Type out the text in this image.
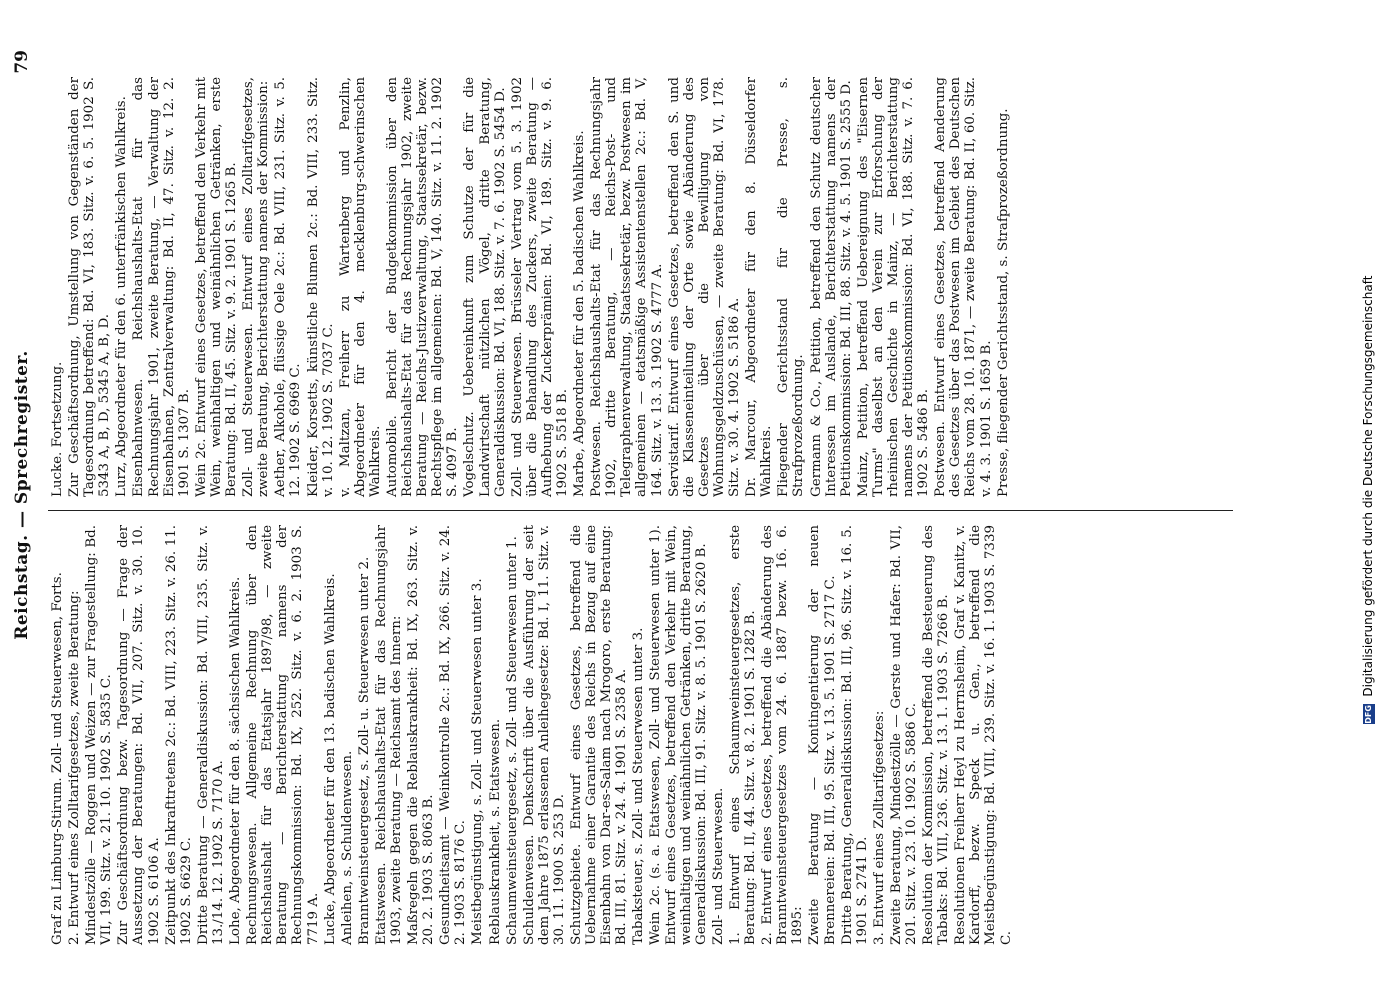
Reichstag. — Sprechregister.
79
Graf zu Limburg-Stirum. Zoll- und Steuerwesen, Forts. 2. Entwurf eines Zolltarifgesetzes, zweite Beratung: Mindestzölle — Roggen und Weizen — zur Fragestellung: Bd. VII, 199. Sitz. v. 21. 10. 1902 S. 5835 C. Zur Geschäftsordnung bezw. Tagesordnung — Frage der Aussetzung der Beratungen: Bd. VII, 207. Sitz. v. 30. 10. 1902 S. 6106 A. Zeitpunkt des Inkrafttretens 2c.: Bd. VIII, 223. Sitz. v. 26. 11. 1902 S. 6629 C. Dritte Beratung — Generaldiskussion: Bd. VIII, 235. Sitz. v. 13./14. 12. 1902 S. 7170 A. Lohe, Abgeordneter für den 8. sächsischen Wahlkreis. Rechnungswesen. Allgemeine Rechnung über den Reichshaushalt für das Etatsjahr 1897/98, — zweite Beratung — Berichterstattung namens der Rechnungskommission: Bd. IX, 252. Sitz. v. 6. 2. 1903 S. 7719 A. Lucke, Abgeordneter für den 13. badischen Wahlkreis. Anleihen, s. Schuldenwesen. Branntweinsteuergesetz, s. Zoll- u. Steuerwesen unter 2. Etatswesen. Reichshaushalts-Etat für das Rechnungsjahr 1903, zweite Beratung — Reichsamt des Innern: Maßregeln gegen die Reblauskrankheit: Bd. IX, 263. Sitz. v. 20. 2. 1903 S. 8063 B. Gesundheitsamt — Weinkontrolle 2c.: Bd. IX, 266. Sitz. v. 24. 2. 1903 S. 8176 C. Meistbegünstigung, s. Zoll- und Steuerwesen unter 3. Reblauskrankheit, s. Etatswesen. Schaumweinsteuergesetz, s. Zoll- und Steuerwesen unter 1. Schuldenwesen. Denkschrift über die Ausführung der seit dem Jahre 1875 erlassenen Anleihegesetze: Bd. I, 11. Sitz. v. 30. 11. 1900 S. 253 D. Schutzgebiete. Entwurf eines Gesetzes, betreffend die Uebernahme einer Garantie des Reichs in Bezug auf eine Eisenbahn von Dar-es-Salam nach Mrogoro, erste Beratung: Bd. III, 81. Sitz. v. 24. 4. 1901 S. 2358 A. Tabaksteuer, s. Zoll- und Steuerwesen unter 3. Wein 2c. (s. a. Etatswesen, Zoll- und Steuerwesen unter 1). Entwurf eines Gesetzes, betreffend den Verkehr mit Wein, weinhaltigen und weinähnlichen Getränken, dritte Beratung, Generaldiskussion: Bd. III, 91. Sitz. v. 8. 5. 1901 S. 2620 B. Zoll- und Steuerwesen. 1. Entwurf eines Schaumweinsteuergesetzes, erste Beratung: Bd. II, 44. Sitz. v. 8. 2. 1901 S. 1282 B. 2. Entwurf eines Gesetzes, betreffend die Abänderung des Branntweinsteuergesetzes vom 24. 6. 1887 bezw. 16. 6. 1895: Zweite Beratung — Kontingentierung der neuen Brennereien: Bd. III, 95. Sitz. v. 13. 5. 1901 S. 2717 C. Dritte Beratung, Generaldiskussion: Bd. III, 96. Sitz. v. 16. 5. 1901 S. 2741 D. 3. Entwurf eines Zolltarifgesetzes: Zweite Beratung, Mindestzölle — Gerste und Hafer: Bd. VII, 201. Sitz. v. 23. 10. 1902 S. 5886 C. Resolution der Kommission, betreffend die Besteuerung des Tabaks: Bd. VIII, 236. Sitz. v. 13. 1. 1903 S. 7266 B. Resolutionen Freiherr Heyl zu Herrnsheim, Graf v. Kanitz, v. Kardorff, bezw. Speck u. Gen., betreffend die Meistbegünstigung: Bd. VIII, 239. Sitz. v. 16. 1. 1903 S. 7339 C.
Lucke. Fortsetzung. Zur Geschäftsordnung, Umstellung von Gegenständen der Tagesordnung betreffend: Bd. VI, 183. Sitz. v. 6. 5. 1902 S. 5343 A, B, D, 5345 A, B, D. Lurz, Abgeordneter für den 6. unterfränkischen Wahlkreis. Eisenbahnwesen. Reichshaushalts-Etat für das Rechnungsjahr 1901, zweite Beratung, — Verwaltung der Eisenbahnen, Zentralverwaltung: Bd. II, 47. Sitz. v. 12. 2. 1901 S. 1307 B. Wein 2c. Entwurf eines Gesetzes, betreffend den Verkehr mit Wein, weinhaltigen und weinähnlichen Getränken, erste Beratung: Bd. II, 45. Sitz. v. 9. 2. 1901 S. 1265 B. Zoll- und Steuerwesen. Entwurf eines Zolltarifgesetzes, zweite Beratung, Berichterstattung namens der Kommission: Aether, Alkohole, flüssige Oele 2c.: Bd. VIII, 231. Sitz. v. 5. 12. 1902 S. 6969 C. Kleider, Korsetts, künstliche Blumen 2c.: Bd. VIII, 233. Sitz. v. 10. 12. 1902 S. 7037 C. v. Maltzan, Freiherr zu Wartenberg und Penzlin, Abgeordneter für den 4. mecklenburg-schwerinschen Wahlkreis. Automobile. Bericht der Budgetkommission über den Reichshaushalts-Etat für das Rechnungsjahr 1902, zweite Beratung — Reichs-Justizverwaltung, Staatssekretär, bezw. Rechtspflege im allgemeinen: Bd. V, 140. Sitz. v. 11. 2. 1902 S. 4097 B. Vogelschutz. Uebereinkunft zum Schutze der für die Landwirtschaft nützlichen Vögel, dritte Beratung, Generaldiskussion: Bd. VI, 188. Sitz. v. 7. 6. 1902 S. 5454 D. Zoll- und Steuerwesen. Brüsseler Vertrag vom 5. 3. 1902 über die Behandlung des Zuckers, zweite Beratung — Aufhebung der Zuckerprämien: Bd. VI, 189. Sitz. v. 9. 6. 1902 S. 5518 B. Marbe, Abgeordneter für den 5. badischen Wahlkreis. Postwesen. Reichshaushalts-Etat für das Rechnungsjahr 1902, dritte Beratung, — Reichs-Post- und Telegraphenverwaltung, Staatssekretär, bezw. Postwesen im allgemeinen — etatsmäßige Assistentenstellen 2c.: Bd. V, 164. Sitz. v. 13. 3. 1902 S. 4777 A. Servistarif. Entwurf eines Gesetzes, betreffend den S. und die Klasseneinteilung der Orte sowie Abänderung des Gesetzes über die Bewilligung von Wohnungsgeldzuschüssen, — zweite Beratung: Bd. VI, 178. Sitz. v. 30. 4. 1902 S. 5186 A. Dr. Marcour, Abgeordneter für den 8. Düsseldorfer Wahlkreis. Fliegender Gerichtsstand für die Presse, s. Strafprozeßordnung. Germann & Co., Petition, betreffend den Schutz deutscher Interessen im Auslande, Berichterstattung namens der Petitionskommission: Bd. III, 88. Sitz. v. 4. 5. 1901 S. 2555 D. Mainz, Petition, betreffend Uebereignung des "Eisernen Turms" daselbst an den Verein zur Erforschung der rheinischen Geschichte in Mainz, — Berichterstattung namens der Petitionskommission: Bd. VI, 188. Sitz. v. 7. 6. 1902 S. 5486 B. Postwesen. Entwurf eines Gesetzes, betreffend Aenderung des Gesetzes über das Postwesen im Gebiet des Deutschen Reichs vom 28. 10. 1871, — zweite Beratung: Bd. II, 60. Sitz. v. 4. 3. 1901 S. 1659 B. Presse, fliegender Gerichtsstand, s. Strafprozeßordnung.
DFG Digitalisierung gefördert durch die Deutsche Forschungsgemeinschaft
